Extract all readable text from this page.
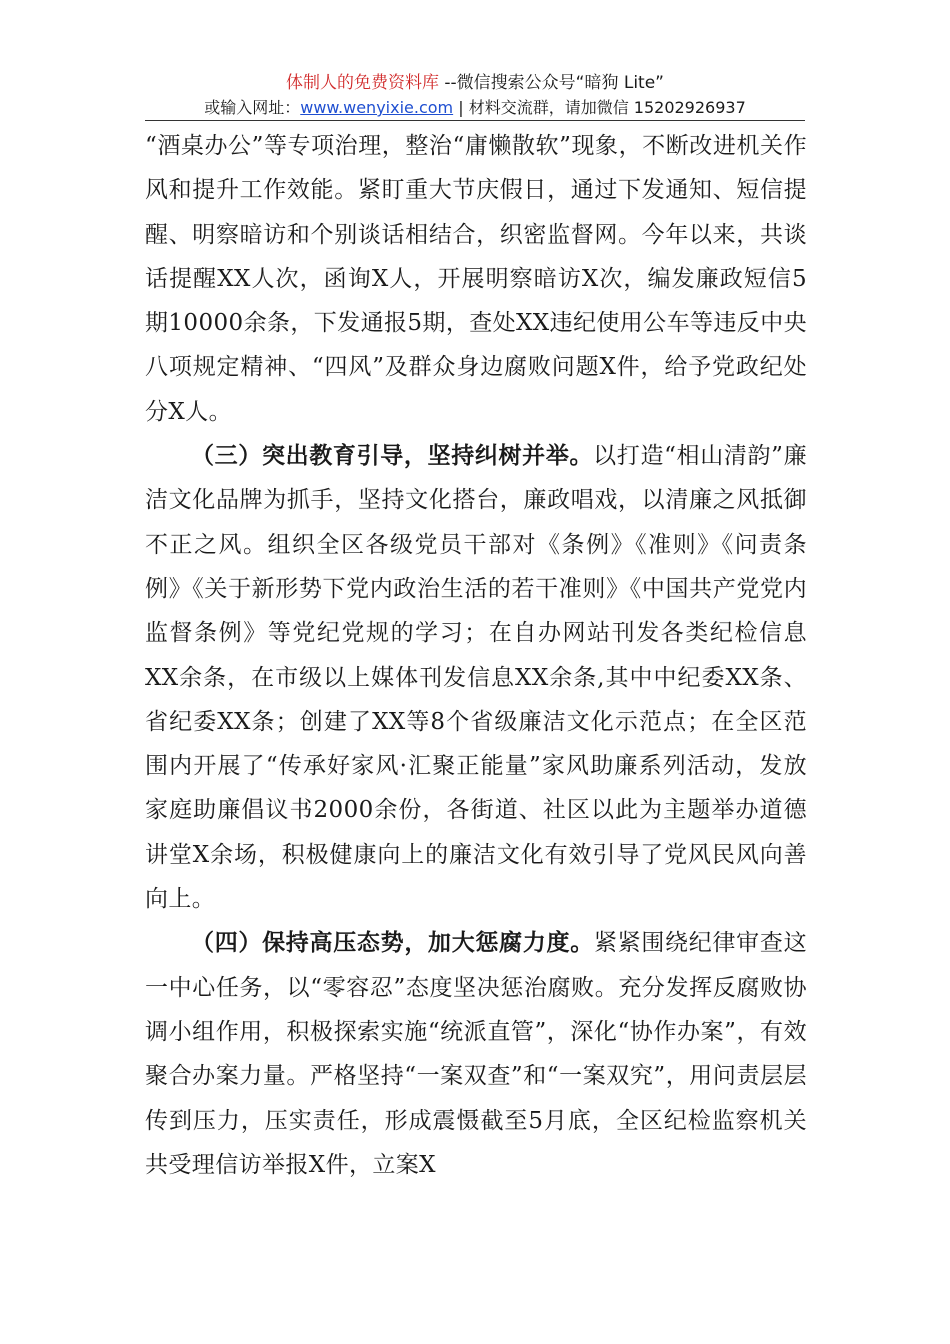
体制人的免费资料库 --微信搜索公众号“暗狗 Lite”
或输入网址：www.wenyixie.com | 材料交流群，请加微信 15202926937

“酒桌办公”等专项治理，整治“庸懒散软”现象，不断改进机关作风和提升工作效能。紧盯重大节庆假日，通过下发通知、短信提醒、明察暗访和个别谈话相结合，织密监督网。今年以来，共谈话提醒XX人次，函询X人，开展明察暗访X次，编发廉政短信5期10000余条，下发通报5期，查处XX违纪使用公车等违反中央八项规定精神、“四风”及群众身边腐败问题X件，给予党政纪处分X人。

（三）突出教育引导，坚持纠树并举。以打造“相山清韵”廉洁文化品牌为抓手，坚持文化搭台，廉政唱戏，以清廉之风抵御不正之风。组织全区各级党员干部对《条例》《准则》《问责条例》《关于新形势下党内政治生活的若干准则》《中国共产党党内监督条例》等党纪党规的学习；在自办网站刊发各类纪检信息XX余条，在市级以上媒体刊发信息XX余条,其中中纪委XX条、省纪委XX条；创建了XX等8个省级廉洁文化示范点；在全区范围内开展了“传承好家风·汇聚正能量”家风助廉系列活动，发放家庭助廉倡议书2000余份，各街道、社区以此为主题举办道德讲堂X余场，积极健康向上的廉洁文化有效引导了党风民风向善向上。

（四）保持高压态势，加大惩腐力度。紧紧围绕纪律审查这一中心任务，以“零容忍”态度坚决惩治腐败。充分发挥反腐败协调小组作用，积极探索实施“统派直管”，深化“协作办案”，有效聚合办案力量。严格坚持“一案双查”和“一案双究”，用问责层层传到压力，压实责任，形成震慑截至5月底，全区纪检监察机关共受理信访举报X件，立案X
